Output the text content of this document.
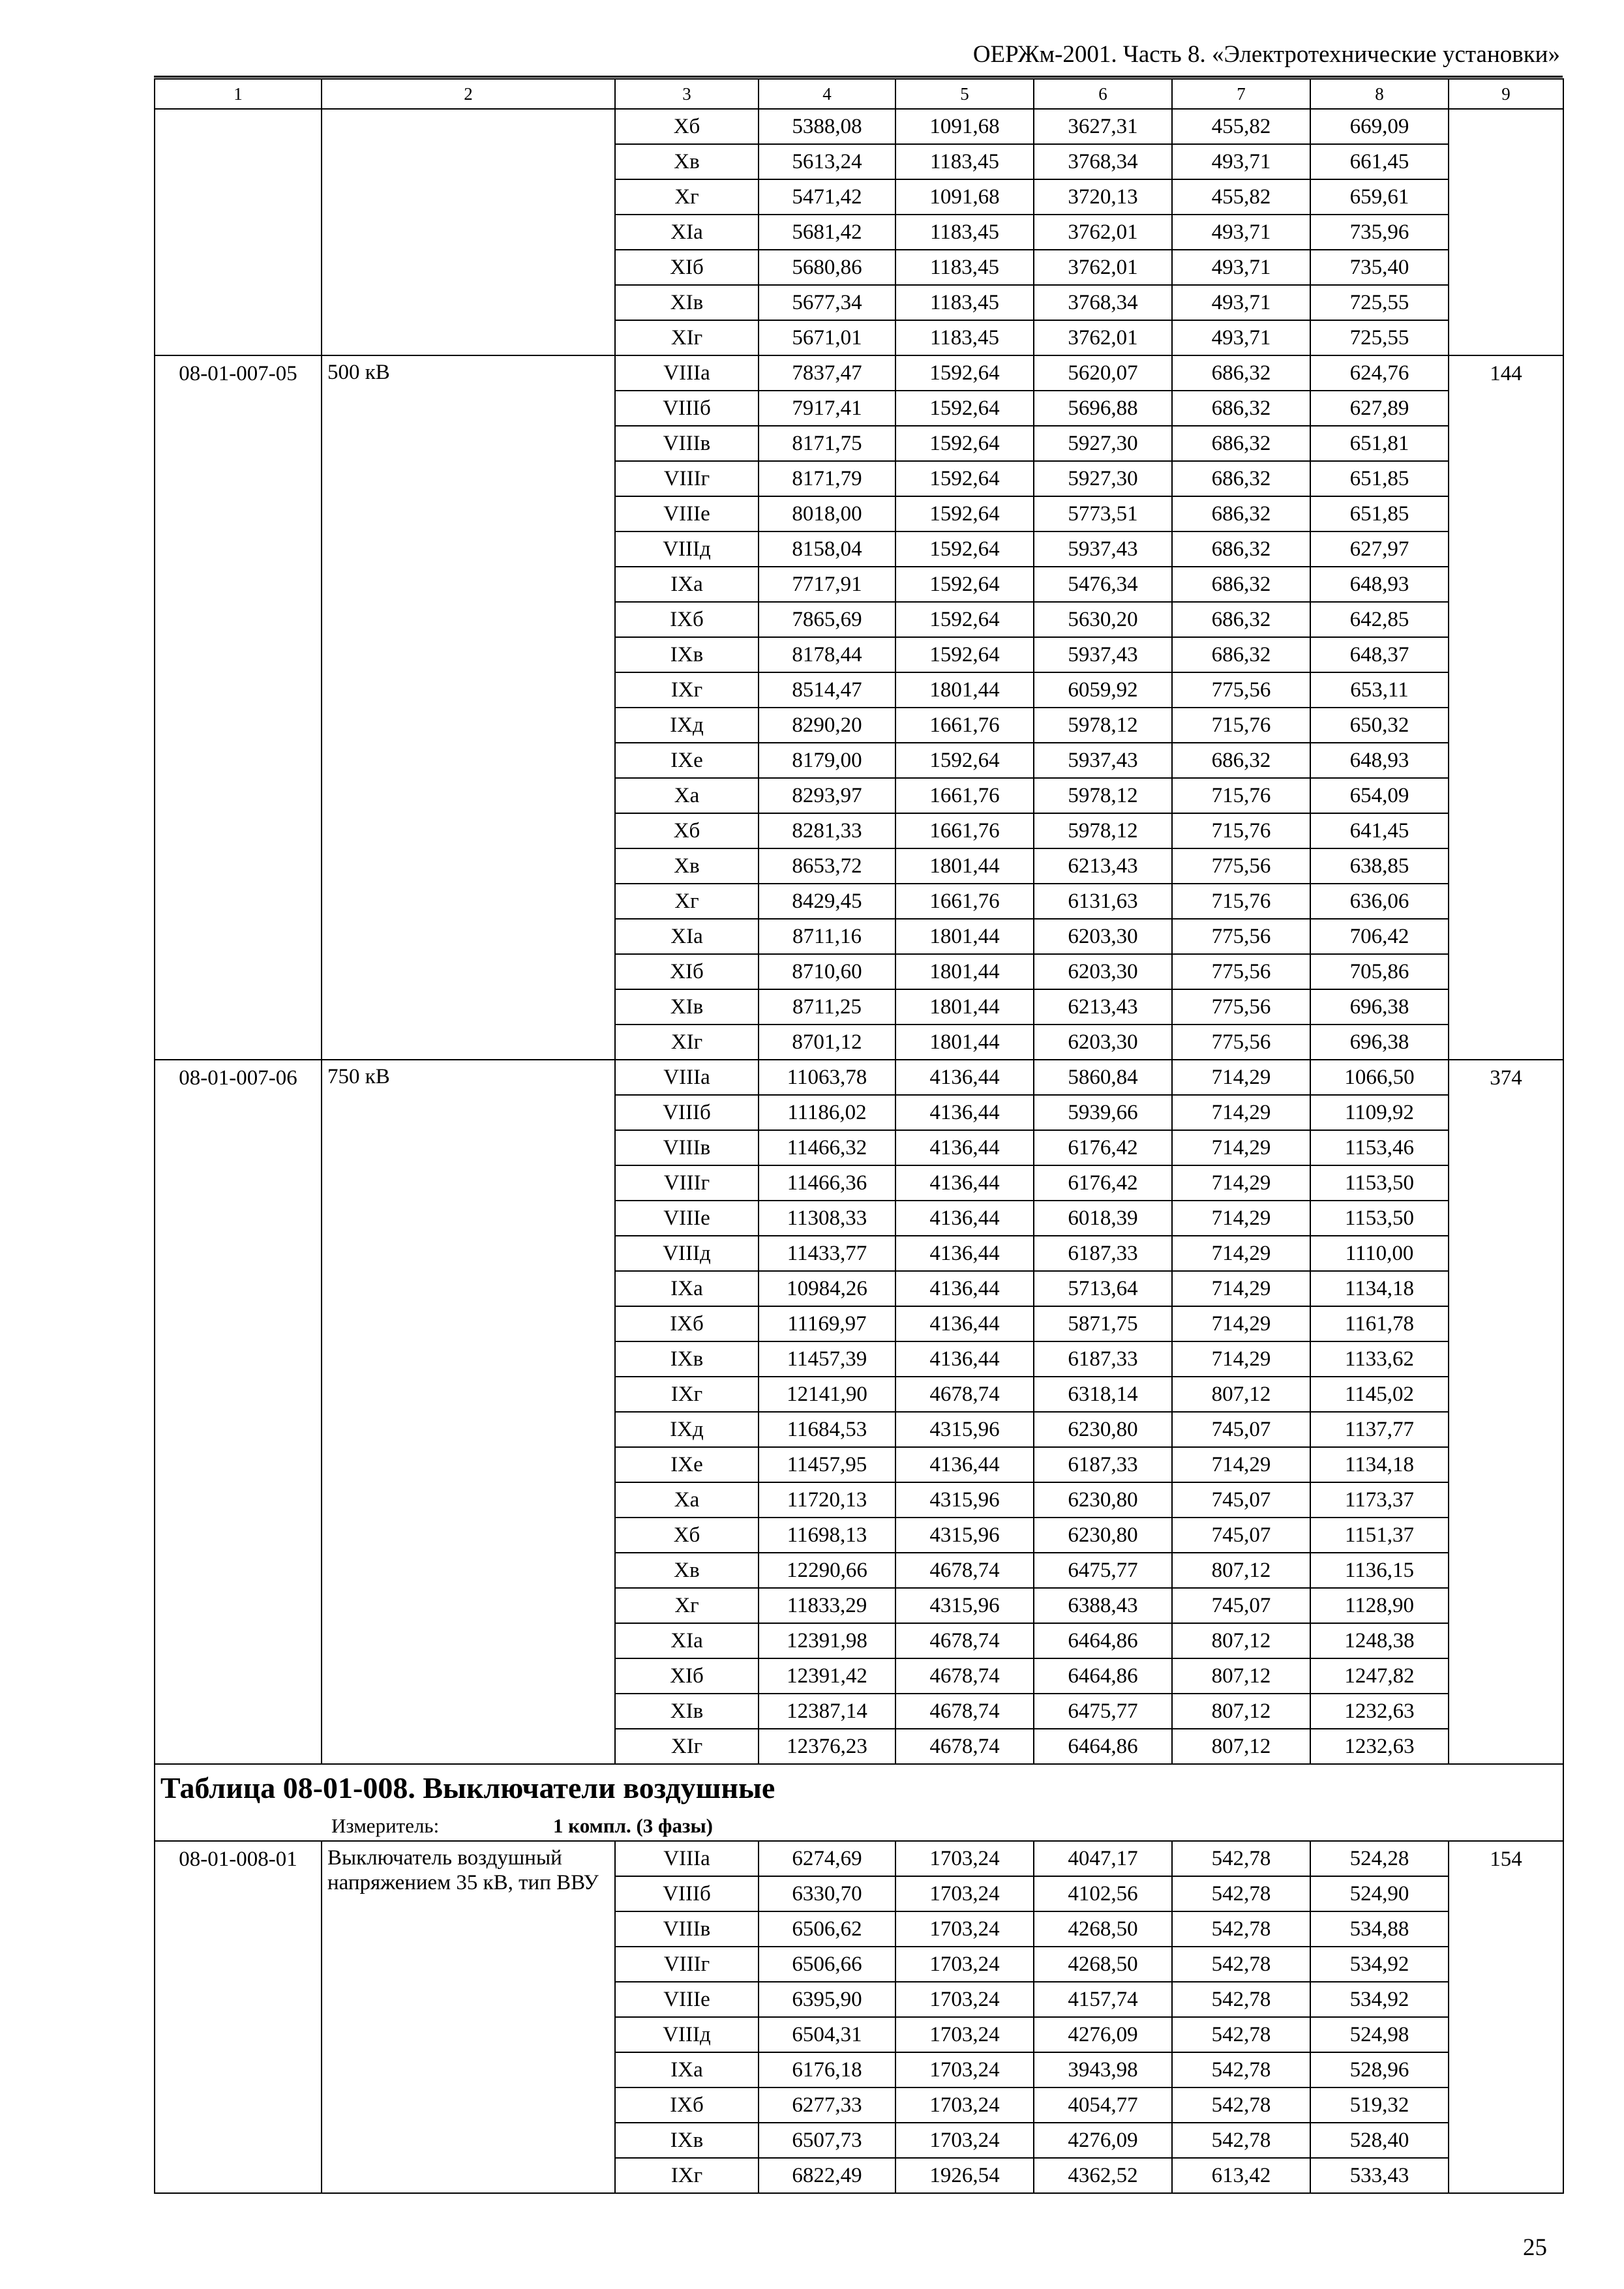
ОЕРЖм-2001. Часть 8. «Электротехнические установки»
1	2	3	4	5	6	7	8	9
		Xб	5388,08	1091,68	3627,31	455,82	669,09	
		Xв	5613,24	1183,45	3768,34	493,71	661,45	
		Xг	5471,42	1091,68	3720,13	455,82	659,61	
		XIа	5681,42	1183,45	3762,01	493,71	735,96	
		XIб	5680,86	1183,45	3762,01	493,71	735,40	
		XIв	5677,34	1183,45	3768,34	493,71	725,55	
		XIг	5671,01	1183,45	3762,01	493,71	725,55	
08-01-007-05	500 кВ	VIIIа	7837,47	1592,64	5620,07	686,32	624,76	144
		VIIIб	7917,41	1592,64	5696,88	686,32	627,89	
		VIIIв	8171,75	1592,64	5927,30	686,32	651,81	
		VIIIг	8171,79	1592,64	5927,30	686,32	651,85	
		VIIIе	8018,00	1592,64	5773,51	686,32	651,85	
		VIIIд	8158,04	1592,64	5937,43	686,32	627,97	
		IXа	7717,91	1592,64	5476,34	686,32	648,93	
		IXб	7865,69	1592,64	5630,20	686,32	642,85	
		IXв	8178,44	1592,64	5937,43	686,32	648,37	
		IXг	8514,47	1801,44	6059,92	775,56	653,11	
		IXд	8290,20	1661,76	5978,12	715,76	650,32	
		IXе	8179,00	1592,64	5937,43	686,32	648,93	
		Xа	8293,97	1661,76	5978,12	715,76	654,09	
		Xб	8281,33	1661,76	5978,12	715,76	641,45	
		Xв	8653,72	1801,44	6213,43	775,56	638,85	
		Xг	8429,45	1661,76	6131,63	715,76	636,06	
		XIа	8711,16	1801,44	6203,30	775,56	706,42	
		XIб	8710,60	1801,44	6203,30	775,56	705,86	
		XIв	8711,25	1801,44	6213,43	775,56	696,38	
		XIг	8701,12	1801,44	6203,30	775,56	696,38	
08-01-007-06	750 кВ	VIIIа	11063,78	4136,44	5860,84	714,29	1066,50	374
		VIIIб	11186,02	4136,44	5939,66	714,29	1109,92	
		VIIIв	11466,32	4136,44	6176,42	714,29	1153,46	
		VIIIг	11466,36	4136,44	6176,42	714,29	1153,50	
		VIIIе	11308,33	4136,44	6018,39	714,29	1153,50	
		VIIIд	11433,77	4136,44	6187,33	714,29	1110,00	
		IXа	10984,26	4136,44	5713,64	714,29	1134,18	
		IXб	11169,97	4136,44	5871,75	714,29	1161,78	
		IXв	11457,39	4136,44	6187,33	714,29	1133,62	
		IXг	12141,90	4678,74	6318,14	807,12	1145,02	
		IXд	11684,53	4315,96	6230,80	745,07	1137,77	
		IXе	11457,95	4136,44	6187,33	714,29	1134,18	
		Xа	11720,13	4315,96	6230,80	745,07	1173,37	
		Xб	11698,13	4315,96	6230,80	745,07	1151,37	
		Xв	12290,66	4678,74	6475,77	807,12	1136,15	
		Xг	11833,29	4315,96	6388,43	745,07	1128,90	
		XIа	12391,98	4678,74	6464,86	807,12	1248,38	
		XIб	12391,42	4678,74	6464,86	807,12	1247,82	
		XIв	12387,14	4678,74	6475,77	807,12	1232,63	
		XIг	12376,23	4678,74	6464,86	807,12	1232,63	
Таблица 08-01-008. Выключатели воздушные								
Измеритель: 1 компл. (3 фазы)								
08-01-008-01	Выключатель воздушный напряжением 35 кВ, тип ВВУ	VIIIа	6274,69	1703,24	4047,17	542,78	524,28	154
		VIIIб	6330,70	1703,24	4102,56	542,78	524,90	
		VIIIв	6506,62	1703,24	4268,50	542,78	534,88	
		VIIIг	6506,66	1703,24	4268,50	542,78	534,92	
		VIIIе	6395,90	1703,24	4157,74	542,78	534,92	
		VIIIд	6504,31	1703,24	4276,09	542,78	524,98	
		IXа	6176,18	1703,24	3943,98	542,78	528,96	
		IXб	6277,33	1703,24	4054,77	542,78	519,32	
		IXв	6507,73	1703,24	4276,09	542,78	528,40	
		IXг	6822,49	1926,54	4362,52	613,42	533,43	
25
